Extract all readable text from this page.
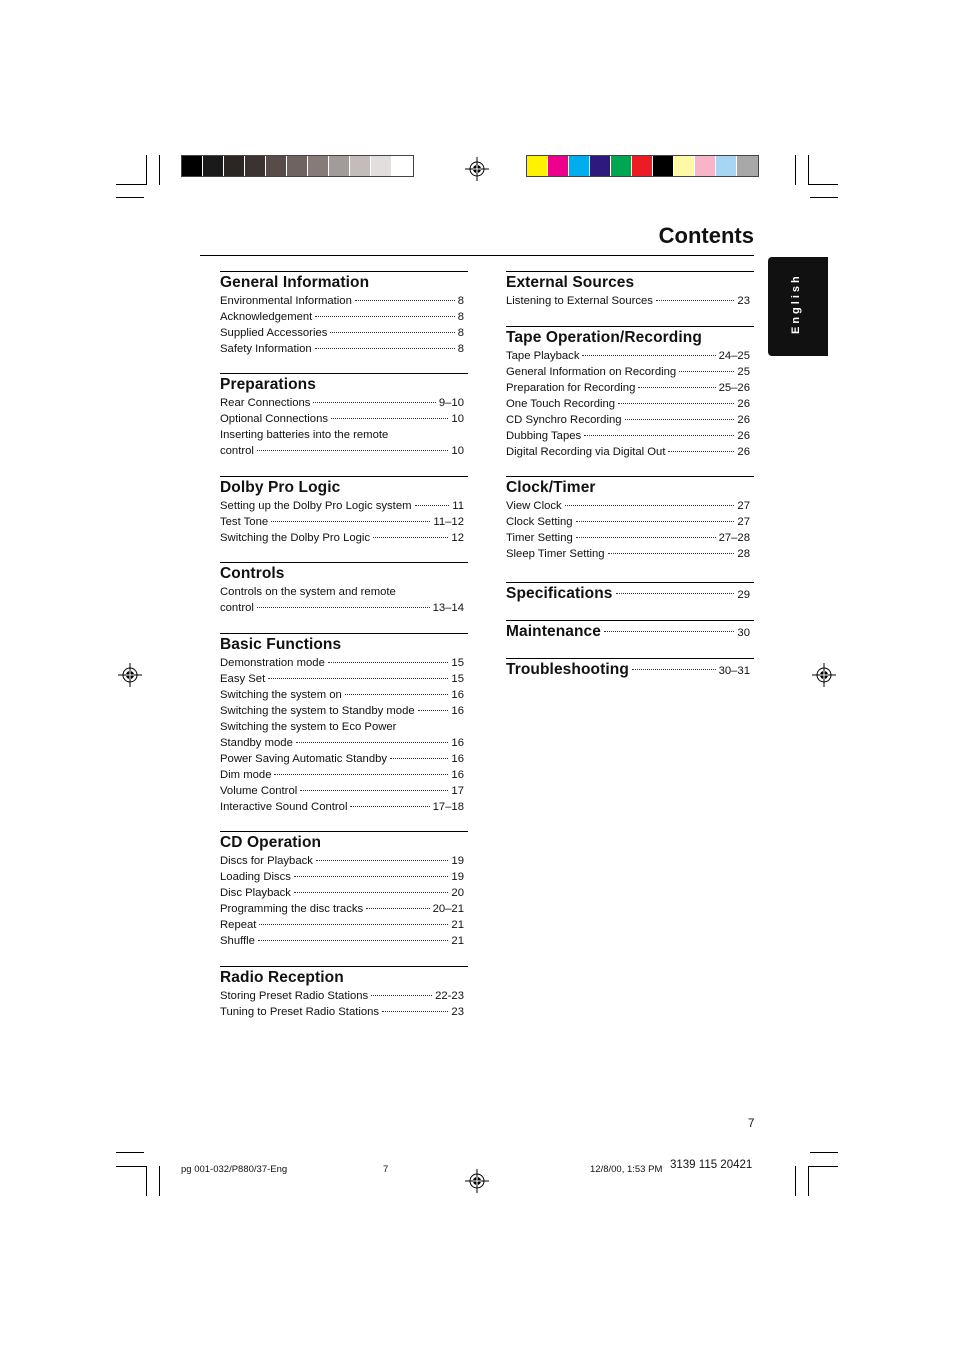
Contents
English
General Information
Environmental Information	8
Acknowledgement	8
Supplied Accessories	8
Safety Information	8
Preparations
Rear Connections	9–10
Optional Connections	10
Inserting batteries into the remote
control	10
Dolby Pro Logic
Setting up the Dolby Pro Logic system	11
Test Tone	11–12
Switching the Dolby Pro Logic	12
Controls
Controls on the system and remote
control	13–14
Basic Functions
Demonstration mode	15
Easy Set	15
Switching the system on	16
Switching the system to Standby mode	16
Switching the system to Eco Power
Standby mode	16
Power Saving Automatic Standby	16
Dim mode	16
Volume Control	17
Interactive Sound Control	17–18
CD Operation
Discs for Playback	19
Loading Discs	19
Disc Playback	20
Programming the disc tracks	20–21
Repeat	21
Shuffle	21
Radio Reception
Storing Preset Radio Stations	22-23
Tuning to Preset Radio Stations	23
External Sources
Listening to External Sources	23
Tape Operation/Recording
Tape Playback	24–25
General Information on Recording	25
Preparation for Recording	25–26
One Touch Recording	26
CD Synchro Recording	26
Dubbing Tapes	26
Digital Recording via Digital Out	26
Clock/Timer
View Clock	27
Clock Setting	27
Timer Setting	27–28
Sleep Timer Setting	28
Specifications	29
Maintenance	30
Troubleshooting	30–31
7
pg 001-032/P880/37-Eng	7	12/8/00, 1:53 PM 3139 115 20421
